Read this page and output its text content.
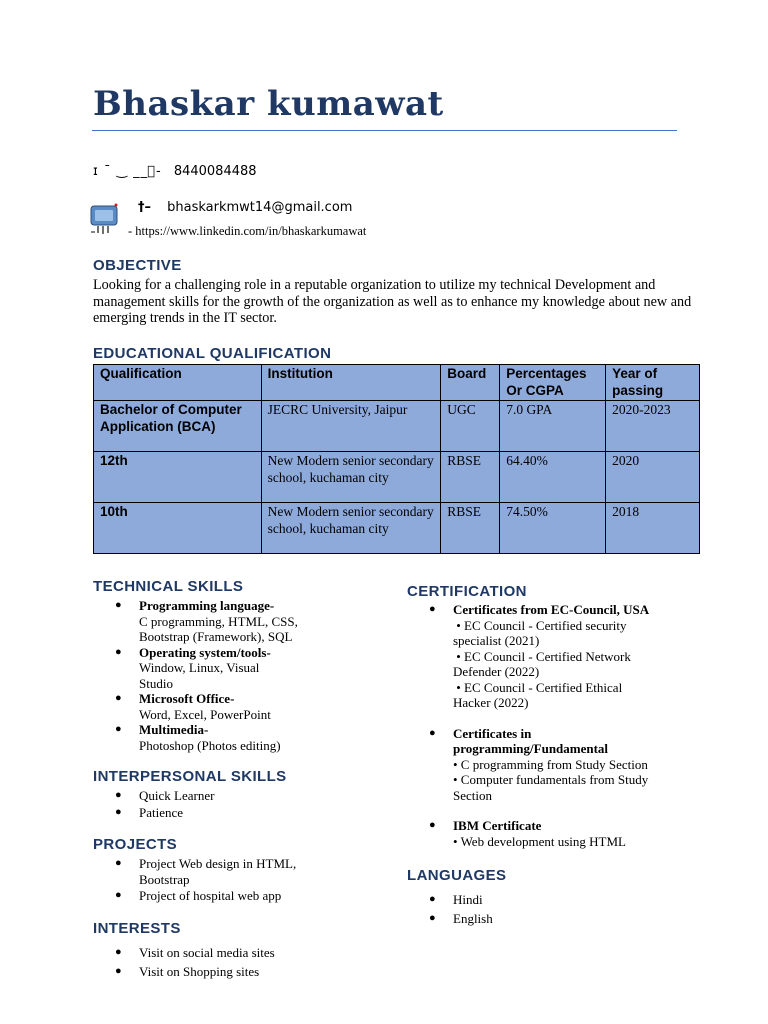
Bhaskar kumawat
ɪ ¯ ‿ __ᷤ- 8440084488
†– bhaskarkmwt14@gmail.com
- https://www.linkedin.com/in/bhaskarkumawat
OBJECTIVE

Looking for a challenging role in a reputable organization to utilize my technical Development and management skills for the growth of the organization as well as to enhance my knowledge about new and emerging trends in the IT sector.

EDUCATIONAL QUALIFICATION
Qualification	Institution	Board	Percentages Or CGPA	Year of passing
Bachelor of Computer Application (BCA)	JECRC University, Jaipur	UGC	7.0 GPA	2020-2023
12th	New Modern senior secondary school, kuchaman city	RBSE	64.40%	2020
10th	New Modern senior secondary school, kuchaman city	RBSE	74.50%	2018
TECHNICAL SKILLS
● Programming language-
C programming, HTML, CSS, Bootstrap (Framework), SQL
● Operating system/tools-
Window, Linux, Visual Studio
● Microsoft Office-
Word, Excel, PowerPoint
● Multimedia-
Photoshop (Photos editing)
INTERPERSONAL SKILLS
● Quick Learner
● Patience
PROJECTS
● Project Web design in HTML, Bootstrap
● Project of hospital web app
INTERESTS
● Visit on social media sites
● Visit on Shopping sites
CERTIFICATION
● Certificates from EC-Council, USA
• EC Council - Certified security specialist (2021)
• EC Council - Certified Network Defender (2022)
• EC Council - Certified Ethical Hacker (2022)
● Certificates in programming/Fundamental
• C programming from Study Section
• Computer fundamentals from Study Section
● IBM Certificate
• Web development using HTML
LANGUAGES
● Hindi
● English
